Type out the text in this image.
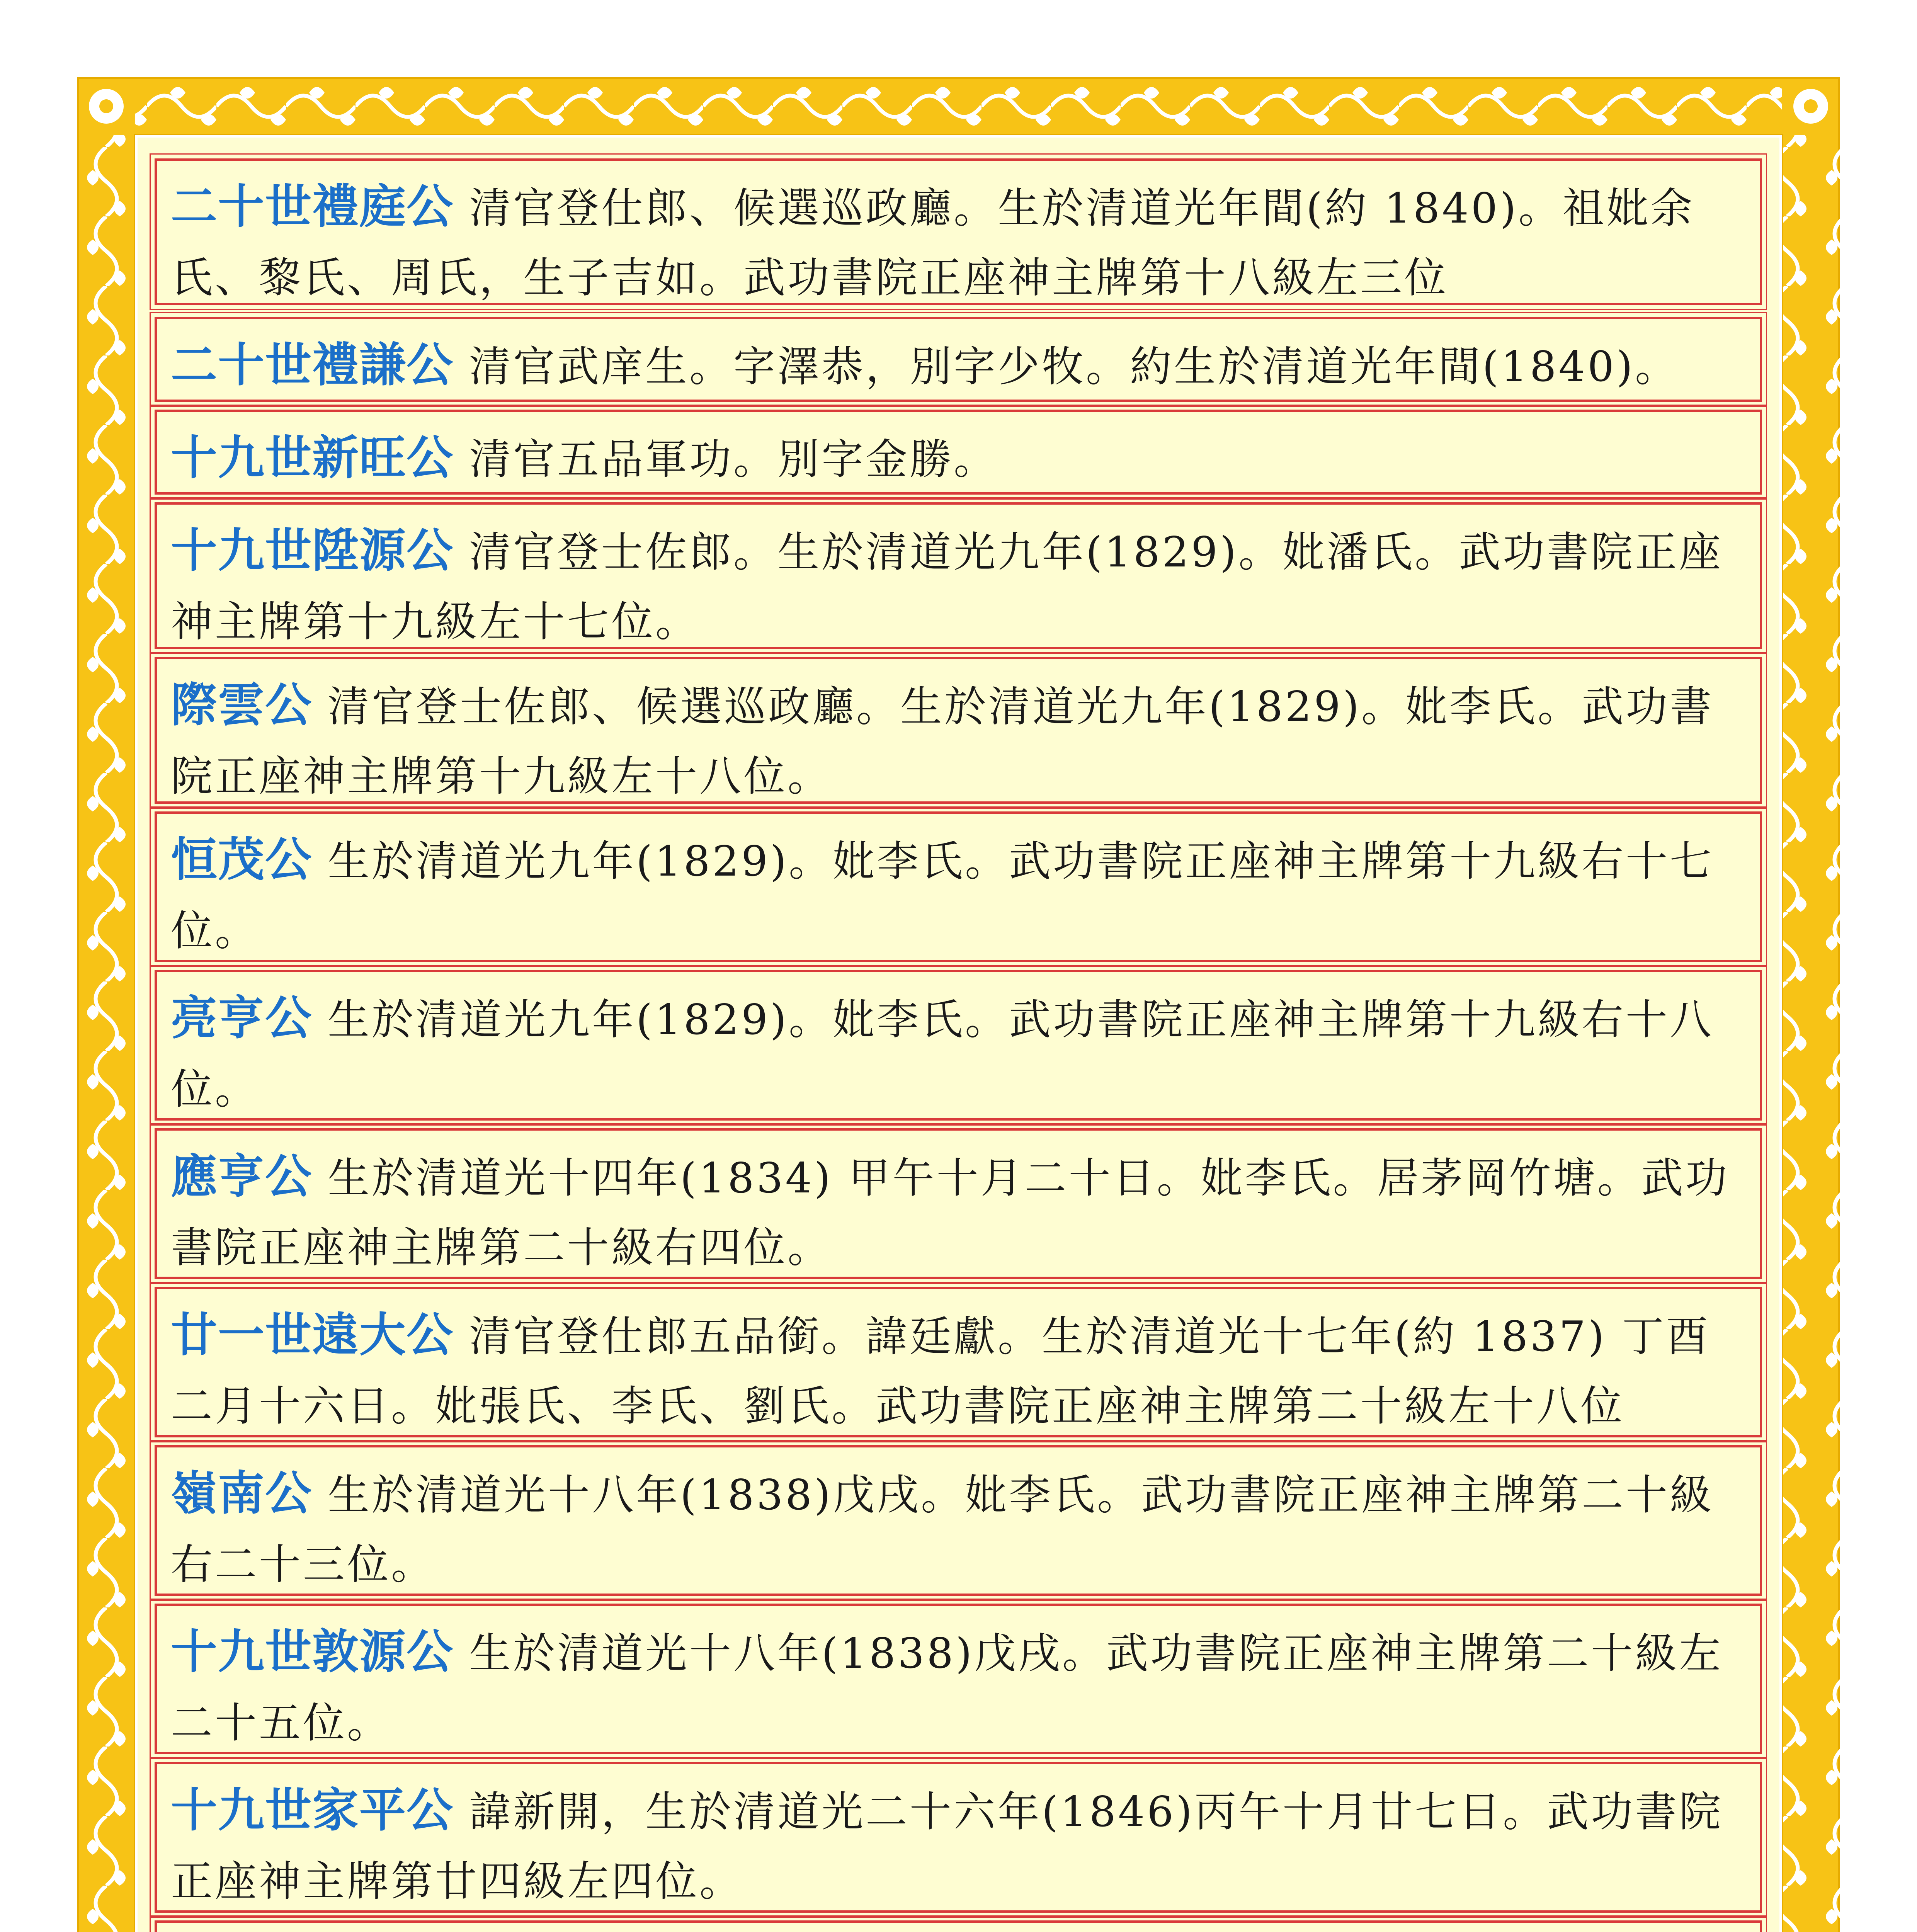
二十世禮庭公 清官登仕郎、候選巡政廳。生於清道光年間(約 1840)。祖妣余氏、黎氏、周氏，生子吉如。武功書院正座神主牌第十八級左三位
二十世禮謙公 清官武庠生。字澤恭，別字少牧。約生於清道光年間(1840)。
十九世新旺公 清官五品軍功。別字金勝。
十九世陞源公 清官登士佐郎。生於清道光九年(1829)。妣潘氏。武功書院正座神主牌第十九級左十七位。
際雲公 清官登士佐郎、候選巡政廳。生於清道光九年(1829)。妣李氏。武功書院正座神主牌第十九級左十八位。
恒茂公 生於清道光九年(1829)。妣李氏。武功書院正座神主牌第十九級右十七位。
亮亨公 生於清道光九年(1829)。妣李氏。武功書院正座神主牌第十九級右十八位。
應亨公 生於清道光十四年(1834) 甲午十月二十日。妣李氏。居茅岡竹塘。武功書院正座神主牌第二十級右四位。
廿一世遠大公 清官登仕郎五品銜。諱廷獻。生於清道光十七年(約 1837) 丁酉二月十六日。妣張氏、李氏、劉氏。武功書院正座神主牌第二十級左十八位
嶺南公 生於清道光十八年(1838)戊戌。妣李氏。武功書院正座神主牌第二十級右二十三位。
十九世敦源公 生於清道光十八年(1838)戊戌。武功書院正座神主牌第二十級左二十五位。
十九世家平公 諱新開，生於清道光二十六年(1846)丙午十月廿七日。武功書院正座神主牌第廿四級左四位。
